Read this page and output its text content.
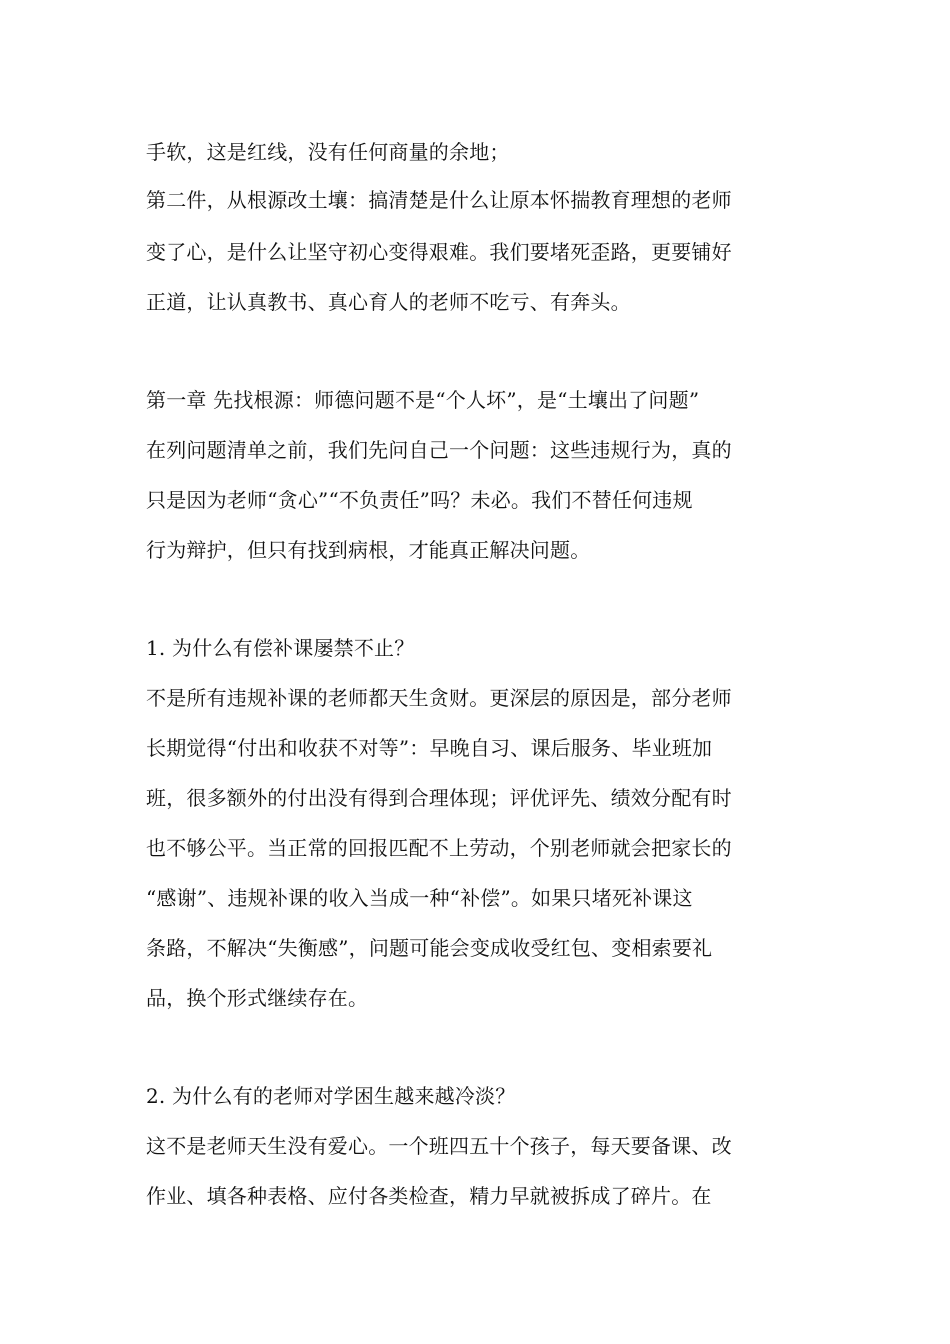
手软，这是红线，没有任何商量的余地；
第二件，从根源改土壤：搞清楚是什么让原本怀揣教育理想的老师
变了心，是什么让坚守初心变得艰难。我们要堵死歪路，更要铺好
正道，让认真教书、真心育人的老师不吃亏、有奔头。
第一章 先找根源：师德问题不是“个人坏”，是“土壤出了问题”
在列问题清单之前，我们先问自己一个问题：这些违规行为，真的
只是因为老师“贪心”“不负责任”吗？未必。我们不替任何违规
行为辩护，但只有找到病根，才能真正解决问题。
1. 为什么有偿补课屡禁不止？
不是所有违规补课的老师都天生贪财。更深层的原因是，部分老师
长期觉得“付出和收获不对等”：早晚自习、课后服务、毕业班加
班，很多额外的付出没有得到合理体现；评优评先、绩效分配有时
也不够公平。当正常的回报匹配不上劳动，个别老师就会把家长的
“感谢”、违规补课的收入当成一种“补偿”。如果只堵死补课这
条路，不解决“失衡感”，问题可能会变成收受红包、变相索要礼
品，换个形式继续存在。
2. 为什么有的老师对学困生越来越冷淡？
这不是老师天生没有爱心。一个班四五十个孩子，每天要备课、改
作业、填各种表格、应付各类检查，精力早就被拆成了碎片。在
